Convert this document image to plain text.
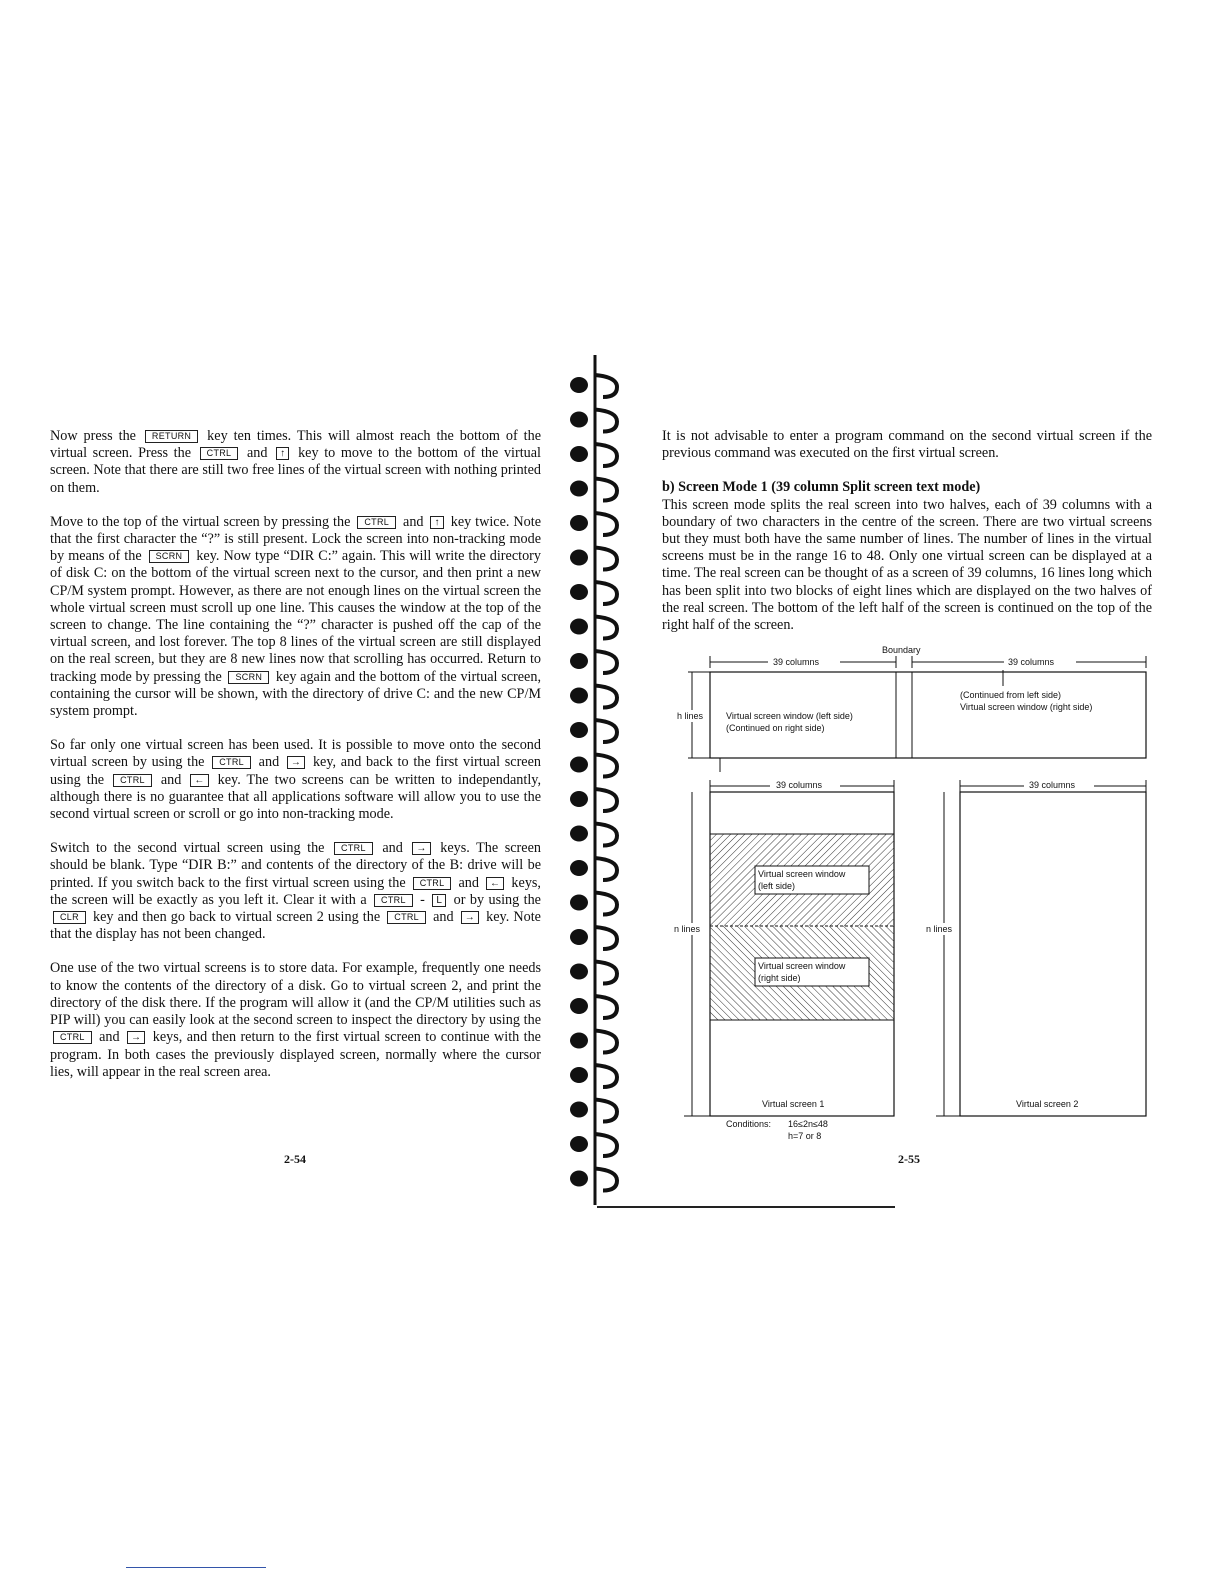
Now press the RETURN key ten times. This will almost reach the bottom of the virtual screen. Press the CTRL and ↑ key to move to the bottom of the virtual screen. Note that there are still two free lines of the virtual screen with nothing printed on them.

Move to the top of the virtual screen by pressing the CTRL and ↑ key twice. Note that the first character the “?” is still present. Lock the screen into non-tracking mode by means of the SCRN key. Now type “DIR C:” again. This will write the directory of disk C: on the bottom of the virtual screen next to the cursor, and then print a new CP/M system prompt. However, as there are not enough lines on the virtual screen the whole virtual screen must scroll up one line. This causes the window at the top of the screen to change. The line containing the “?” character is pushed off the cap of the virtual screen, and lost forever. The top 8 lines of the virtual screen are still displayed on the real screen, but they are 8 new lines now that scrolling has occurred. Return to tracking mode by pressing the SCRN key again and the bottom of the virtual screen, containing the cursor will be shown, with the directory of drive C: and the new CP/M system prompt.

So far only one virtual screen has been used. It is possible to move onto the second virtual screen by using the CTRL and → key, and back to the first virtual screen using the CTRL and ← key. The two screens can be written to independantly, although there is no guarantee that all applications software will allow you to use the second virtual screen or scroll or go into non-tracking mode.

Switch to the second virtual screen using the CTRL and → keys. The screen should be blank. Type “DIR B:” and contents of the directory of the B: drive will be printed. If you switch back to the first virtual screen using the CTRL and ← keys, the screen will be exactly as you left it. Clear it with a CTRL - L or by using the CLR key and then go back to virtual screen 2 using the CTRL and → key. Note that the display has not been changed.

One use of the two virtual screens is to store data. For example, frequently one needs to know the contents of the directory of a disk. Go to virtual screen 2, and print the directory of the disk there. If the program will allow it (and the CP/M utilities such as PIP will) you can easily look at the second screen to inspect the directory by using the CTRL and → keys, and then return to the first virtual screen to continue with the program. In both cases the previously displayed screen, normally where the cursor lies, will appear in the real screen area.

2-54

It is not advisable to enter a program command on the second virtual screen if the previous command was executed on the first virtual screen.

b) Screen Mode 1 (39 column Split screen text mode)

This screen mode splits the real screen into two halves, each of 39 columns with a boundary of two characters in the centre of the screen. There are two virtual screens but they must both have the same number of lines. The number of lines in the virtual screens must be in the range 16 to 48. Only one virtual screen can be displayed at a time. The real screen can be thought of as a screen of 39 columns, 16 lines long which has been split into two blocks of eight lines which are displayed on the two halves of the real screen. The bottom of the left half of the screen is continued on the top of the right half of the screen.

Boundary
39 columns	39 columns
h lines	Virtual screen window (left side)
(Continued on right side)
(Continued from left side)
Virtual screen window (right side)
39 columns
Virtual screen window
(left side)
Virtual screen window
(right side)
n lines
Virtual screen 1
Conditions: 16≤2n≤48
h=7 or 8
39 columns
n lines
Virtual screen 2
2-55
